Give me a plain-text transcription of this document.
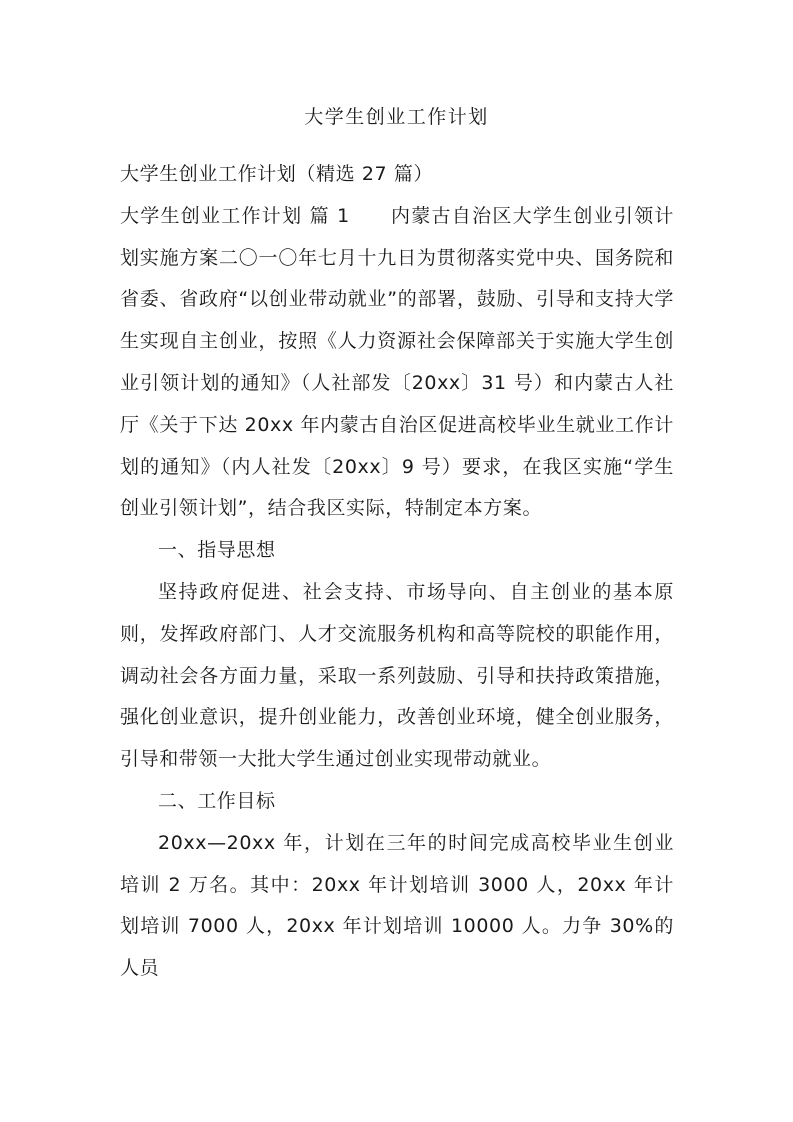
大学生创业工作计划

大学生创业工作计划（精选 27 篇）

大学生创业工作计划 篇 1　　内蒙古自治区大学生创业引领计划实施方案二〇一〇年七月十九日为贯彻落实党中央、国务院和省委、省政府“以创业带动就业”的部署，鼓励、引导和支持大学生实现自主创业，按照《人力资源社会保障部关于实施大学生创业引领计划的通知》（人社部发〔20xx〕31 号）和内蒙古人社厅《关于下达 20xx 年内蒙古自治区促进高校毕业生就业工作计划的通知》（内人社发〔20xx〕9 号）要求，在我区实施“学生创业引领计划”，结合我区实际，特制定本方案。

一、指导思想

坚持政府促进、社会支持、市场导向、自主创业的基本原则，发挥政府部门、人才交流服务机构和高等院校的职能作用，调动社会各方面力量，采取一系列鼓励、引导和扶持政策措施，强化创业意识，提升创业能力，改善创业环境，健全创业服务，引导和带领一大批大学生通过创业实现带动就业。

二、工作目标

20xx—20xx 年，计划在三年的时间完成高校毕业生创业培训 2 万名。其中：20xx 年计划培训 3000 人，20xx 年计划培训 7000 人，20xx 年计划培训 10000 人。力争 30%的人员
